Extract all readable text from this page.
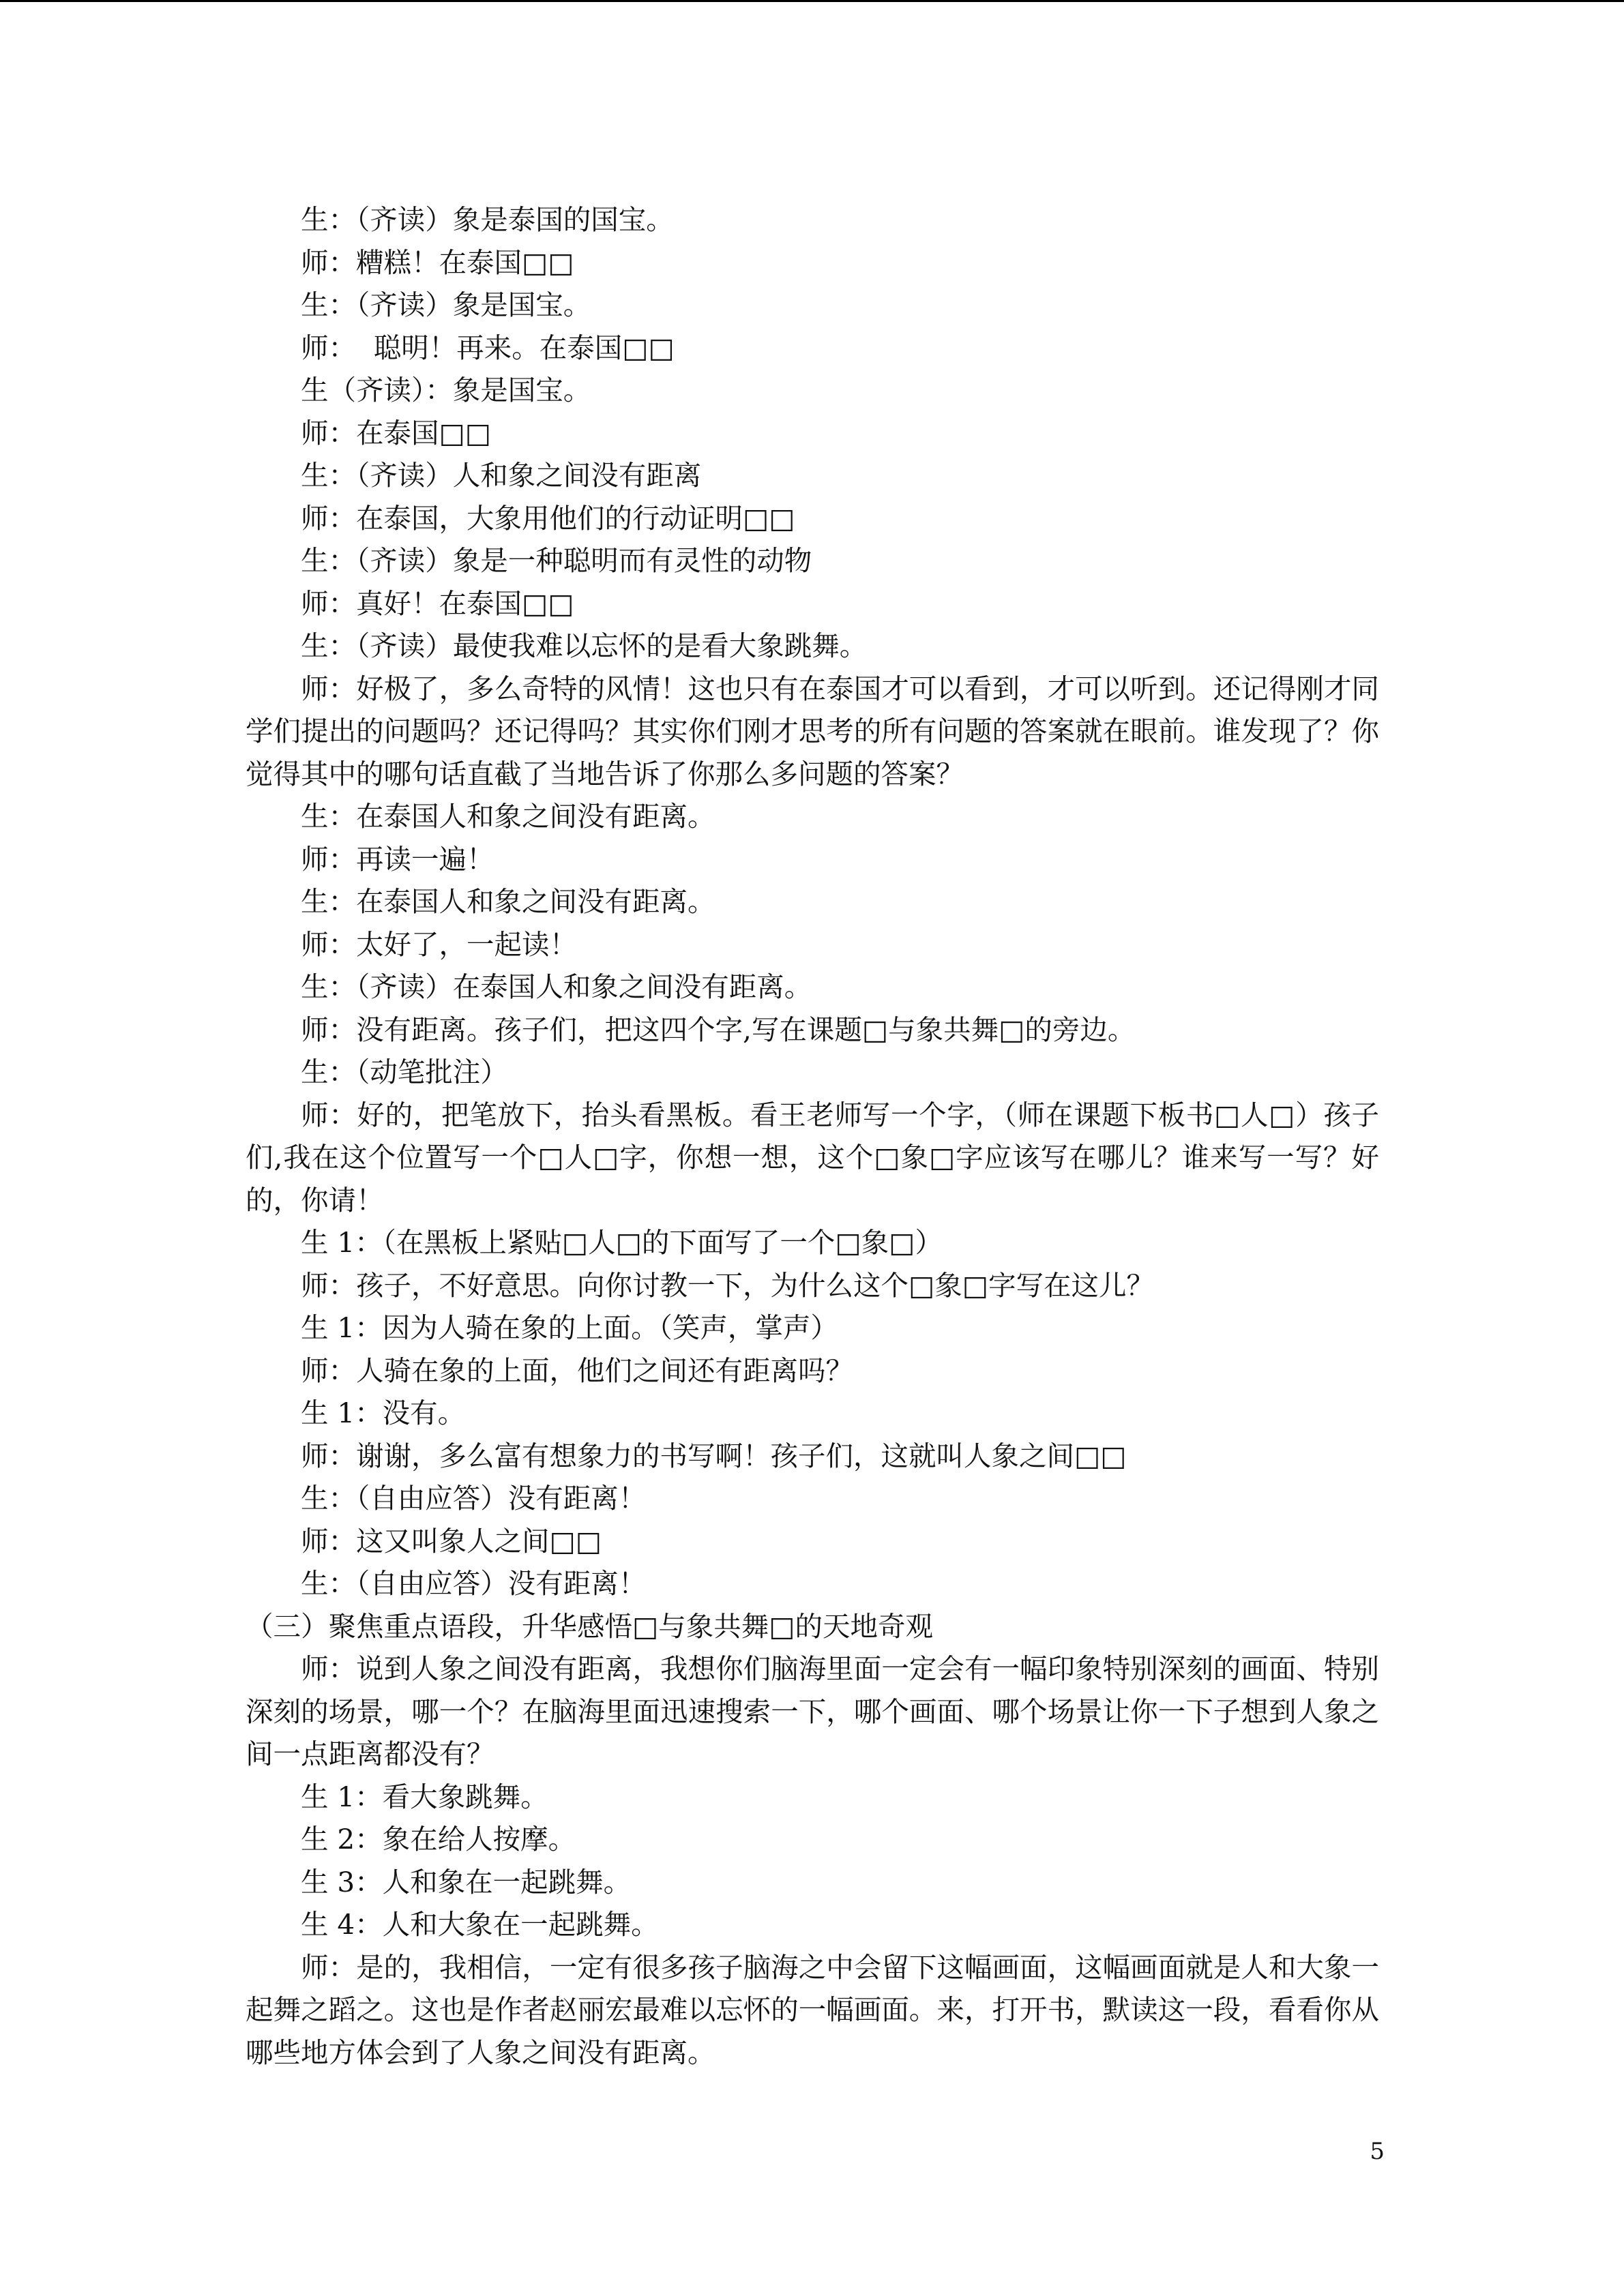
生：（齐读）象是泰国的国宝。

师：糟糕！在泰国□□

生：（齐读）象是国宝。

师：  聪明！再来。在泰国□□

生（齐读）：象是国宝。

师：在泰国□□

生：（齐读）人和象之间没有距离

师：在泰国，大象用他们的行动证明□□

生：（齐读）象是一种聪明而有灵性的动物

师：真好！在泰国□□

生：（齐读）最使我难以忘怀的是看大象跳舞。

师：好极了，多么奇特的风情！这也只有在泰国才可以看到，才可以听到。还记得刚才同学们提出的问题吗？还记得吗？其实你们刚才思考的所有问题的答案就在眼前。谁发现了？你觉得其中的哪句话直截了当地告诉了你那么多问题的答案？

生：在泰国人和象之间没有距离。

师：再读一遍！

生：在泰国人和象之间没有距离。

师：太好了，一起读！

生：（齐读）在泰国人和象之间没有距离。

师：没有距离。孩子们，把这四个字,写在课题□与象共舞□的旁边。

生：（动笔批注）

师：好的，把笔放下，抬头看黑板。看王老师写一个字，（师在课题下板书□人□）孩子们,我在这个位置写一个□人□字，你想一想，这个□象□字应该写在哪儿？谁来写一写？好的，你请！

生 1：（在黑板上紧贴□人□的下面写了一个□象□）

师：孩子，不好意思。向你讨教一下，为什么这个□象□字写在这儿？

生 1：因为人骑在象的上面。（笑声，掌声）

师：人骑在象的上面，他们之间还有距离吗？

生 1：没有。

师：谢谢，多么富有想象力的书写啊！孩子们，这就叫人象之间□□

生：（自由应答）没有距离！

师：这又叫象人之间□□

生：（自由应答）没有距离！

（三）聚焦重点语段，升华感悟□与象共舞□的天地奇观

师：说到人象之间没有距离，我想你们脑海里面一定会有一幅印象特别深刻的画面、特别深刻的场景，哪一个？在脑海里面迅速搜索一下，哪个画面、哪个场景让你一下子想到人象之间一点距离都没有？

生 1：看大象跳舞。

生 2：象在给人按摩。

生 3：人和象在一起跳舞。

生 4：人和大象在一起跳舞。

师：是的，我相信，一定有很多孩子脑海之中会留下这幅画面，这幅画面就是人和大象一起舞之蹈之。这也是作者赵丽宏最难以忘怀的一幅画面。来，打开书，默读这一段，看看你从哪些地方体会到了人象之间没有距离。

5
